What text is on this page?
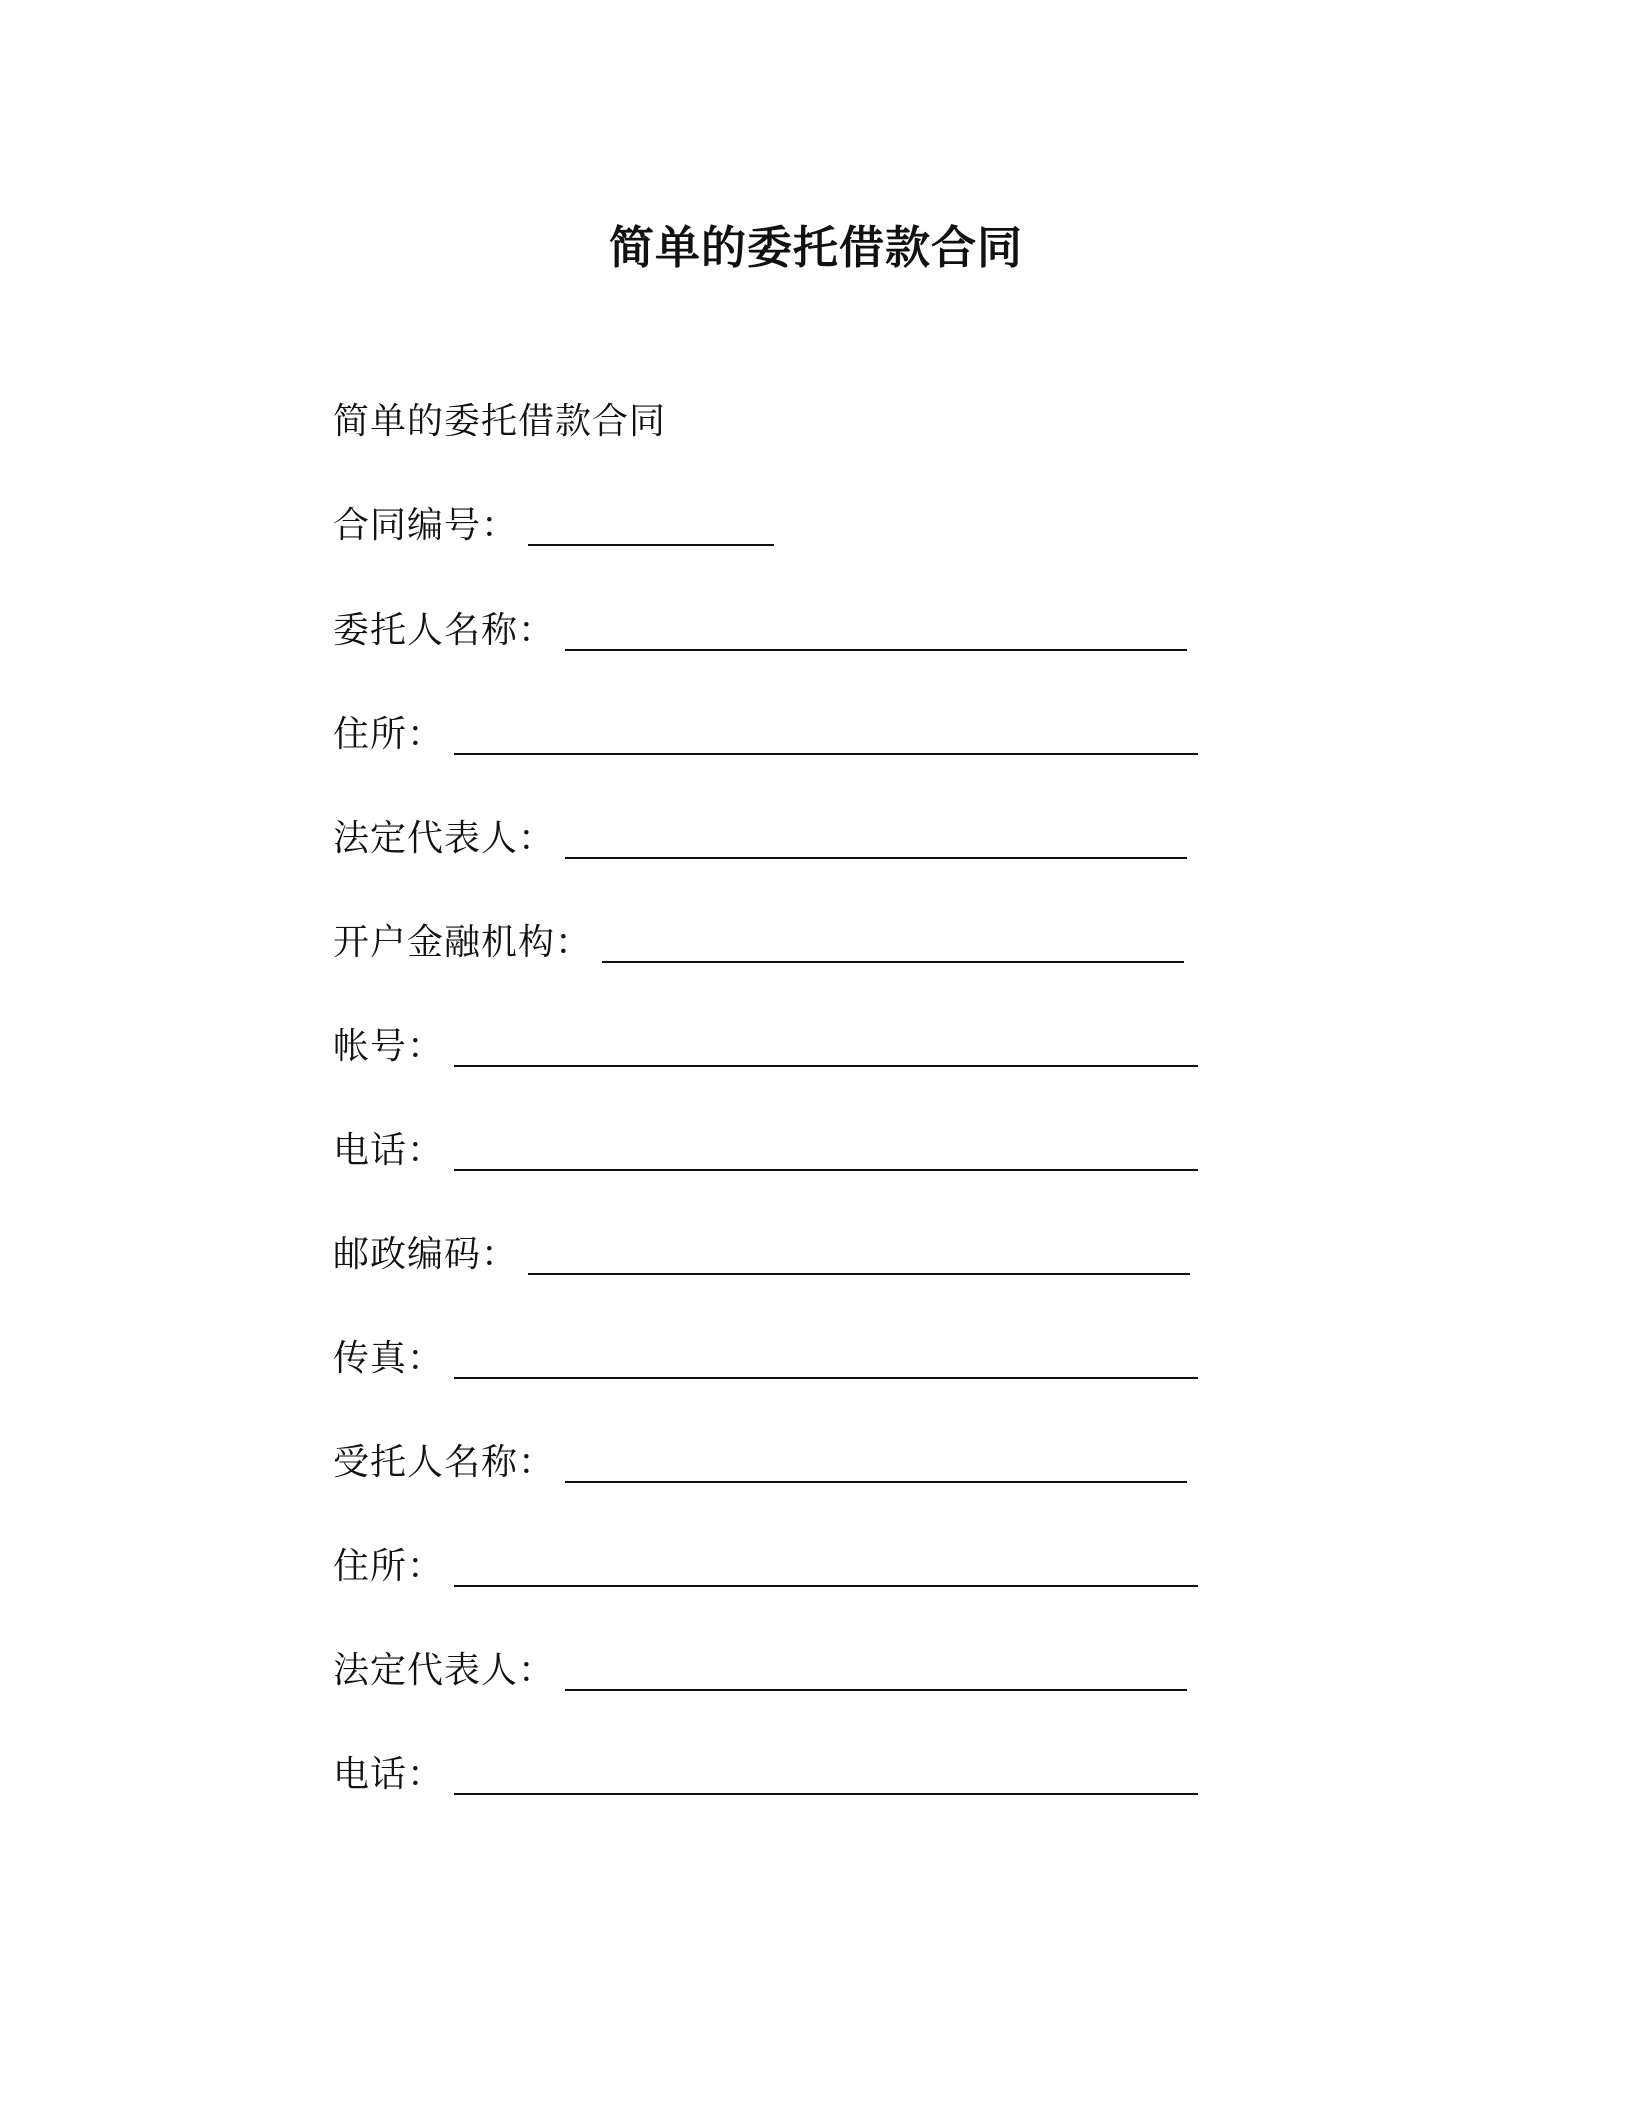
简单的委托借款合同
简单的委托借款合同
合同编号：
委托人名称：
住所：
法定代表人：
开户金融机构：
帐号：
电话：
邮政编码：
传真：
受托人名称：
住所：
法定代表人：
电话：
